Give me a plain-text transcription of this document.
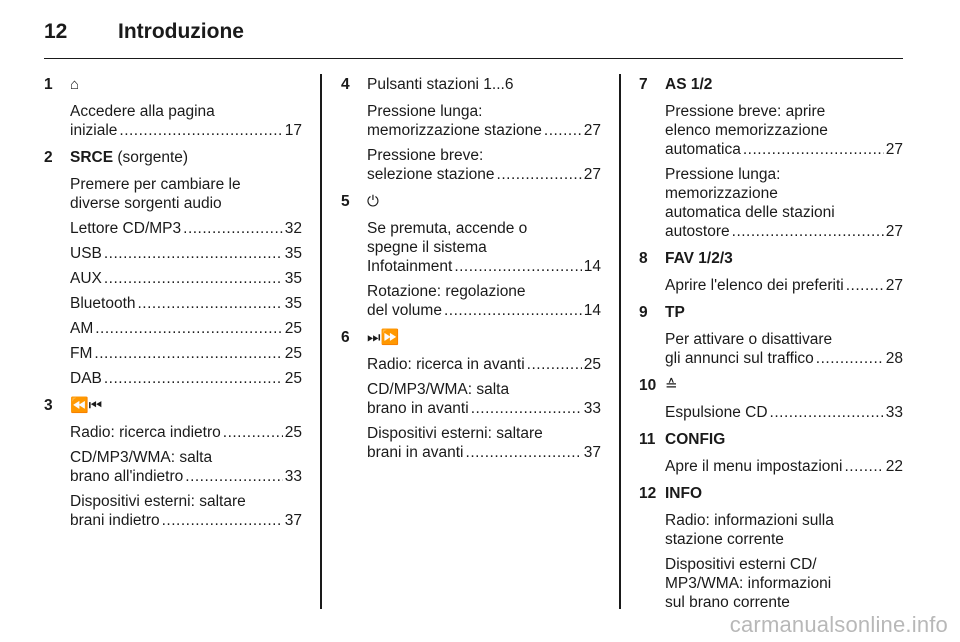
12	Introduzione
1	⌂
Accedere alla pagina
iniziale .....	17
2	SRCE (sorgente)
Premere per cambiare le
diverse sorgenti audio
Lettore CD/MP3 .....	32
USB .....	35
AUX .....	35
Bluetooth .....	35
AM .....	25
FM .....	25
DAB .....	25
3	⏪⏮
Radio: ricerca indietro .....	25
CD/MP3/WMA: salta
brano all'indietro .....	33
Dispositivi esterni: saltare
brani indietro .....	37
4	Pulsanti stazioni 1...6
Pressione lunga:
memorizzazione stazione .....	27
Pressione breve:
selezione stazione .....	27
5	⏻
Se premuta, accende o
spegne il sistema
Infotainment .....	14
Rotazione: regolazione
del volume .....	14
6	⏭⏩
Radio: ricerca in avanti .....	25
CD/MP3/WMA: salta
brano in avanti .....	33
Dispositivi esterni: saltare
brani in avanti .....	37
7	AS 1/2
Pressione breve: aprire
elenco memorizzazione
automatica .....	27
Pressione lunga:
memorizzazione
automatica delle stazioni
autostore .....	27
8	FAV 1/2/3
Aprire l'elenco dei preferiti .....	27
9	TP
Per attivare o disattivare
gli annunci sul traffico .....	28
10 ≙
Espulsione CD .....	33
11 CONFIG
Apre il menu impostazioni .....	22
12 INFO
Radio: informazioni sulla
stazione corrente
Dispositivi esterni CD/
MP3/WMA: informazioni
sul brano corrente
carmanualsonline.info
